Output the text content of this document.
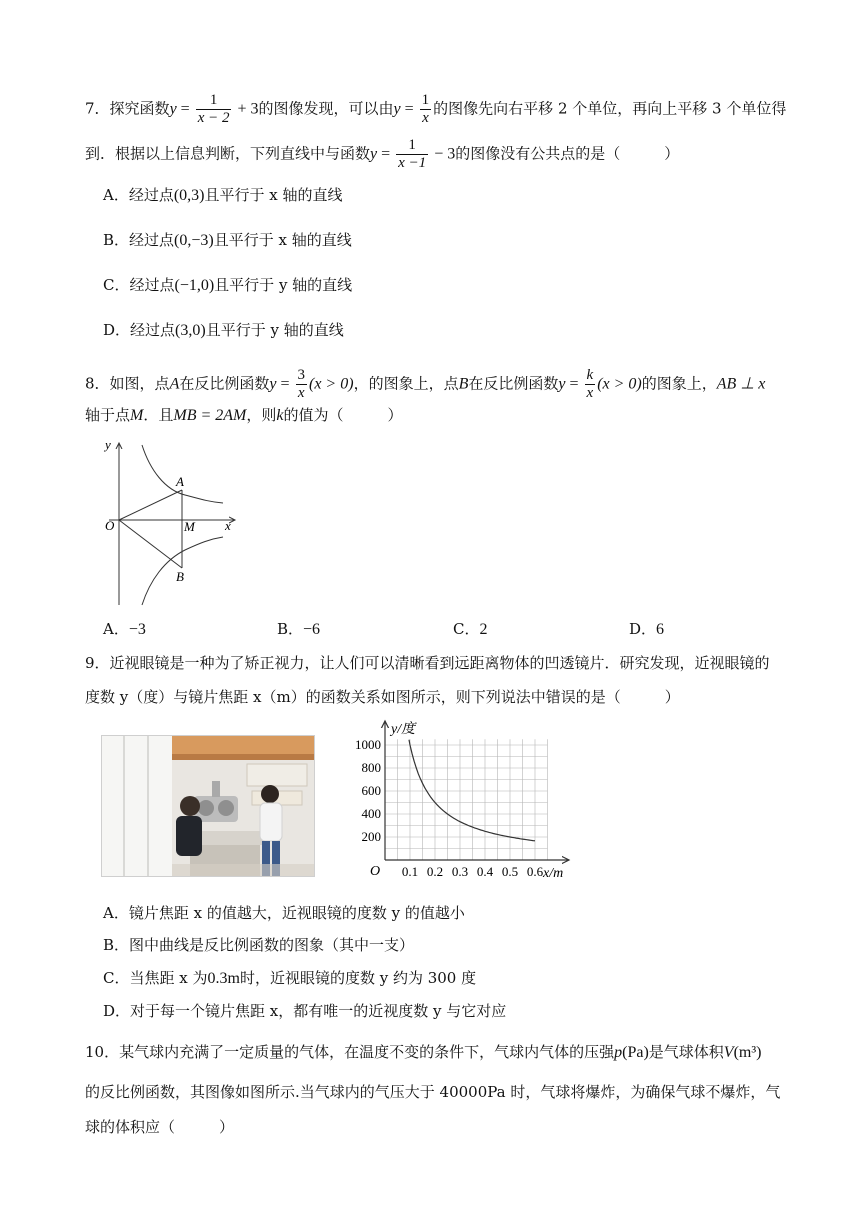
7．探究函数$y = \frac{1}{x - 2} + 3$的图像发现，可以由$y = \frac{1}{x}$ 的图像先向右平移 2 个单位，再向上平移 3 个单位得
到．根据以上信息判断，下列直线中与函数$y = \frac{1}{x -1} - 3$的图像没有公共点的是（	）
A．经过点(0,3)且平行于 x 轴的直线
B．经过点(0,−3)且平行于 x 轴的直线
C．经过点(−1,0)且平行于 y 轴的直线
D．经过点(3,0)且平行于 y 轴的直线
8．如图，点A在反比例函数$y = \frac{3}{x} (x > 0)$，的图象上，点B在反比例函数$y = \frac{k}{x} (x > 0)$的图象上，AB ⊥ x
轴于点M．且MB = 2AM，则k的值为（	）
y
x
O
A
M
B
A．−3	B．−6	C．2	D．6
9．近视眼镜是一种为了矫正视力，让人们可以清晰看到远距离物体的凹透镜片．研究发现，近视眼镜的
度数 y（度）与镜片焦距 x（m）的函数关系如图所示，则下列说法中错误的是（	）
0.1 0.2 0.3 0.4 0.5 0.6
200
400
600
800
1000
y/度
x/m
O
A．镜片焦距 x 的值越大，近视眼镜的度数 y 的值越小
B．图中曲线是反比例函数的图象（其中一支）
C．当焦距 x 为0.3m时，近视眼镜的度数 y 约为 300 度
D．对于每一个镜片焦距 x，都有唯一的近视度数 y 与它对应
10．某气球内充满了一定质量的气体，在温度不变的条件下，气球内气体的压强p(Pa)是气球体积V(m³)
的反比例函数，其图像如图所示.当气球内的气压大于 40000Pa 时，气球将爆炸，为确保气球不爆炸，气
球的体积应（	）
